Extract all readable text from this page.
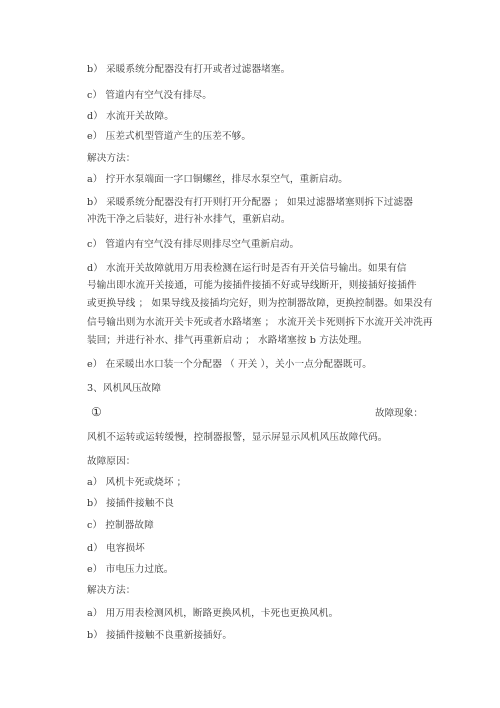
b） 采暖系统分配器没有打开或者过滤器堵塞。
c） 管道内有空气没有排尽。
d） 水流开关故障。
e） 压差式机型管道产生的压差不够。
解决方法：
a） 拧开水泵端面一字口铜螺丝，排尽水泵空气，重新启动。
b） 采暖系统分配器没有打开则打开分配器 ； 如果过滤器堵塞则拆下过滤器
冲洗干净之后装好，进行补水排气，重新启动。
c） 管道内有空气没有排尽则排尽空气重新启动。
d） 水流开关故障就用万用表检测在运行时是否有开关信号输出。如果有信
号输出即水流开关接通，可能为接插件接插不好或导线断开，则接插好接插件
或更换导线 ； 如果导线及接插均完好，则为控制器故障，更换控制器。如果没有
信号输出则为水流开关卡死或者水路堵塞 ； 水流开关卡死则拆下水流开关冲洗再
装回；并进行补水、排气再重新启动 ； 水路堵塞按 b 方法处理。
e） 在采暖出水口装一个分配器 （ 开关 ），关小一点分配器既可。
3、风机风压故障
①	故障现象：
风机不运转或运转缓慢，控制器报警，显示屏显示风机风压故障代码。
故障原因：
a） 风机卡死或烧坏 ；
b） 接插件接触不良
c） 控制器故障
d） 电容损坏
e） 市电压力过底。
解决方法：
a） 用万用表检测风机，断路更换风机，卡死也更换风机。
b） 接插件接触不良重新接插好。
